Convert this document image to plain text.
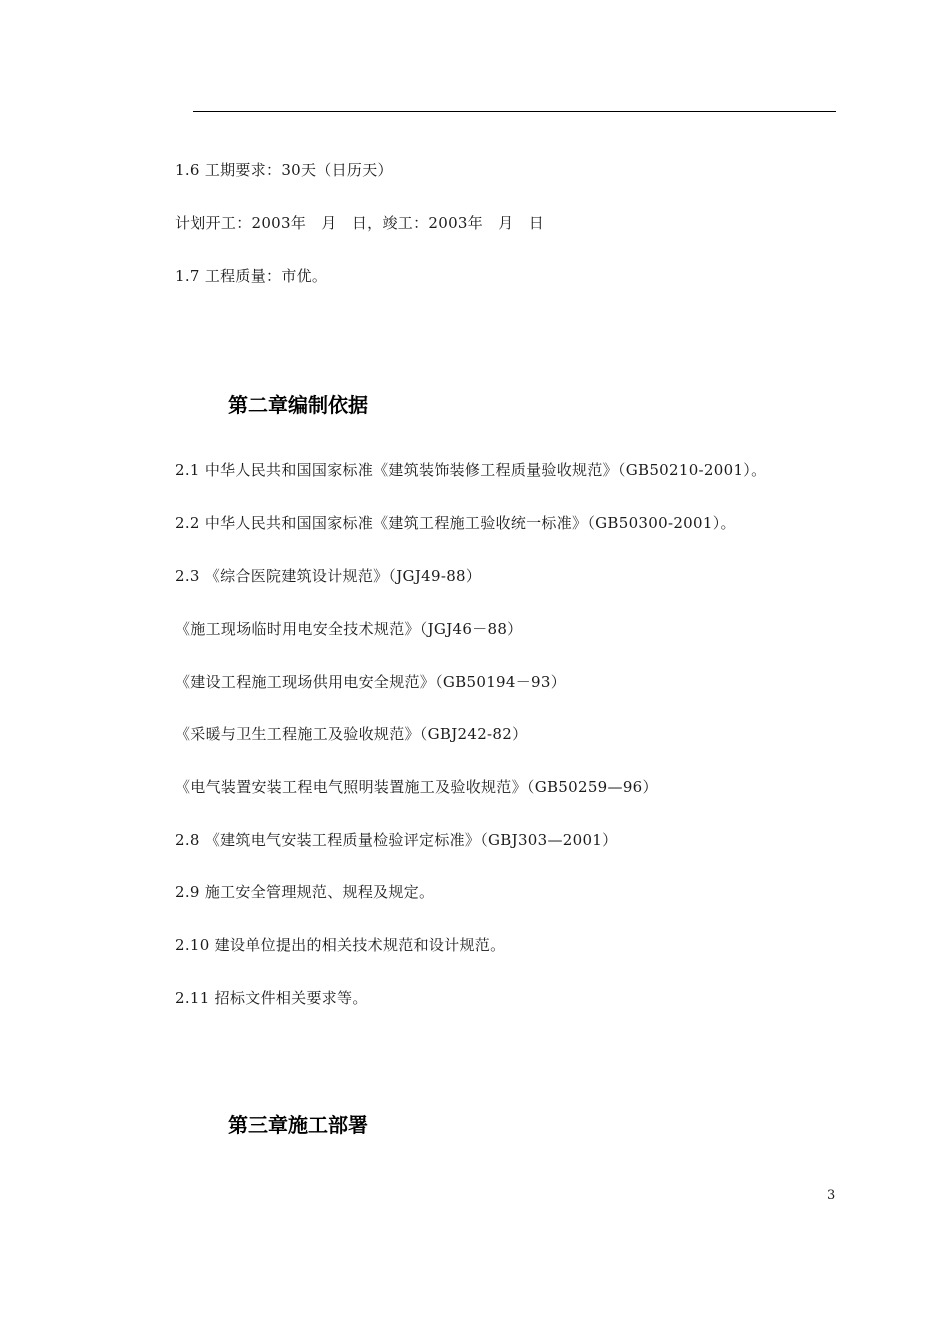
1.6 工期要求：30天（日历天）
计划开工：2003年   月   日，竣工：2003年   月   日
1.7 工程质量：市优。
第二章编制依据
2.1 中华人民共和国国家标准《建筑装饰装修工程质量验收规范》（GB50210-2001）。
2.2 中华人民共和国国家标准《建筑工程施工验收统一标准》（GB50300-2001）。
2.3 《综合医院建筑设计规范》（JGJ49-88）
《施工现场临时用电安全技术规范》（JGJ46－88）
《建设工程施工现场供用电安全规范》（GB50194－93）
《采暖与卫生工程施工及验收规范》（GBJ242-82）
《电气装置安装工程电气照明装置施工及验收规范》（GB50259—96）
2.8 《建筑电气安装工程质量检验评定标准》（GBJ303—2001）
2.9 施工安全管理规范、规程及规定。
2.10 建设单位提出的相关技术规范和设计规范。
2.11 招标文件相关要求等。
第三章施工部署
3
